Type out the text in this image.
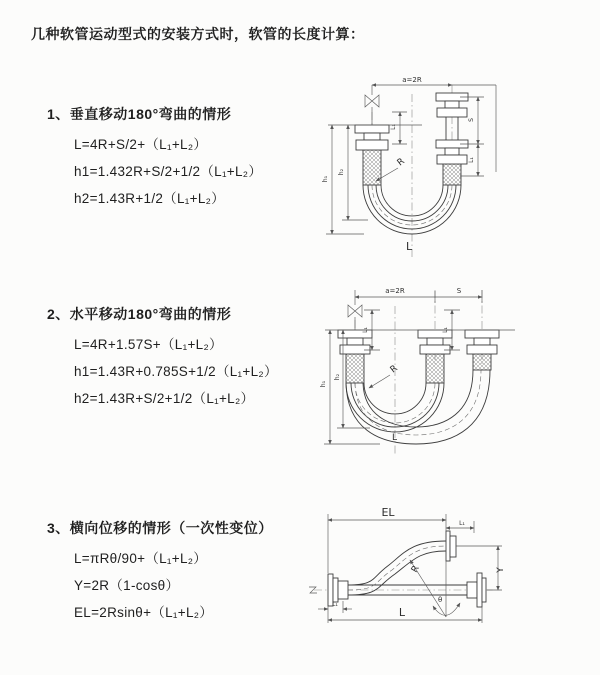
几种软管运动型式的安装方式时，软管的长度计算：
1、垂直移动180°弯曲的情形

L=4R+S/2+（L₁+L₂）

h1=1.432R+S/2+1/2（L₁+L₂）

h2=1.43R+1/2（L₁+L₂）

2、水平移动180°弯曲的情形

L=4R+1.57S+（L₁+L₂）

h1=1.43R+0.785S+1/2（L₁+L₂）

h2=1.43R+S/2+1/2（L₁+L₂）

3、横向位移的情形（一次性变位）

L=πRθ/90+（L₁+L₂）

Y=2R（1-cosθ）

EL=2Rsinθ+（L₁+L₂）

a=2R
L₁
S
L₁
h₁
h₂
R
L
a=2R	S
L₁	L₁
h₁
h₂
R
L
EL
L₁
Y
R
θ
L
L₁
